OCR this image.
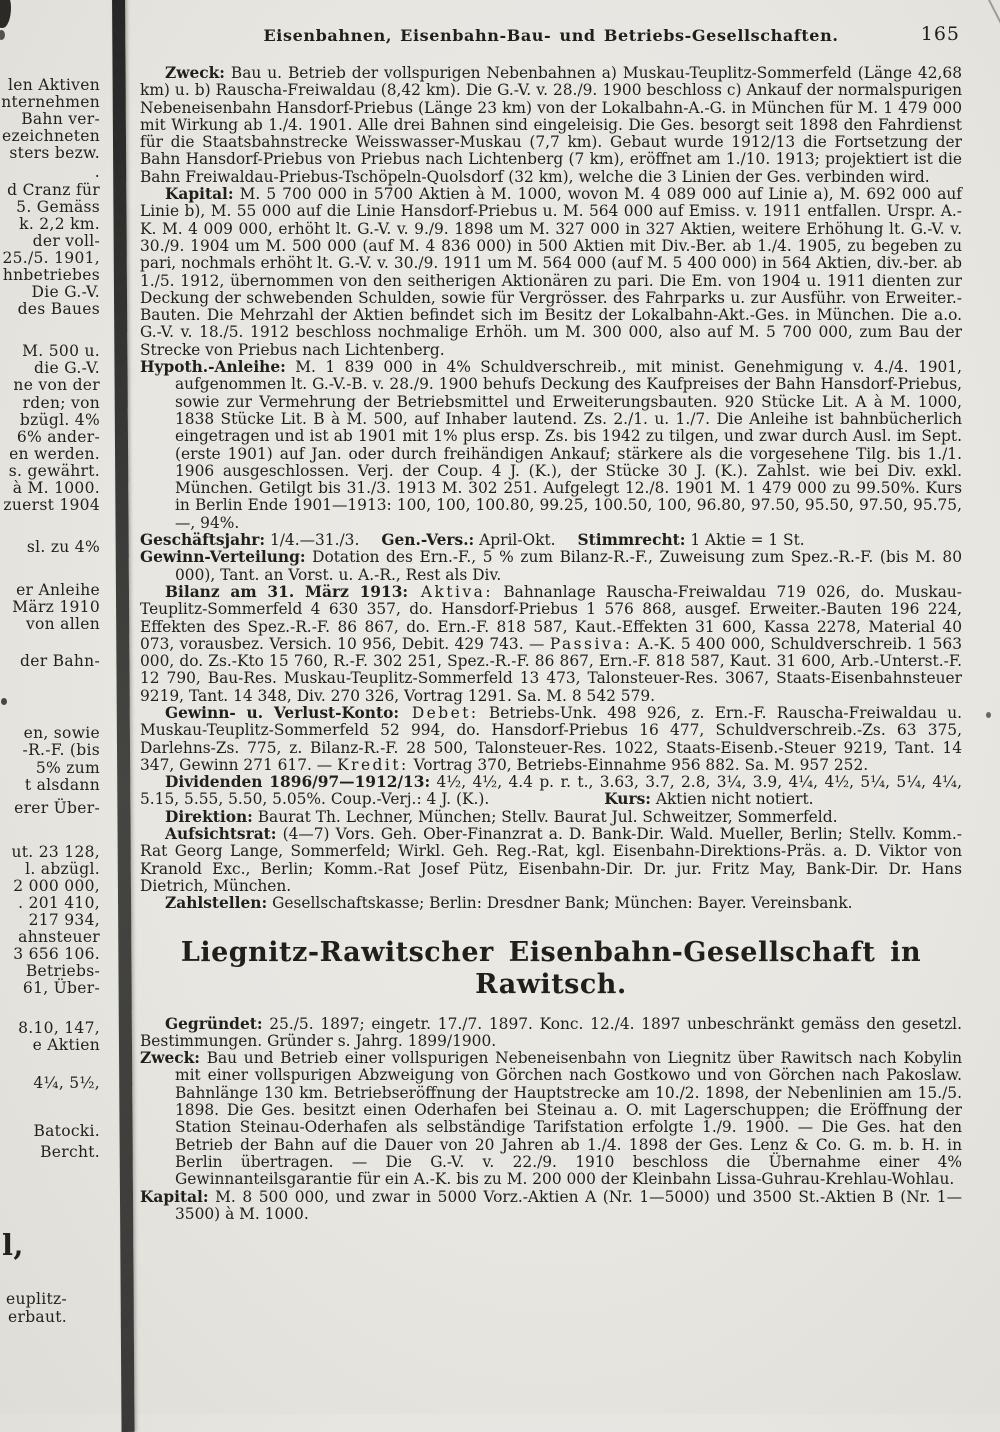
len Aktiven
nternehmen
Bahn ver-
ezeichneten
sters bezw.
.
d Cranz für
5. Gemäss
k. 2,2 km.
der voll-
25./5. 1901,
hnbetriebes
Die G.-V.
des Baues
M. 500 u.
die G.-V.
ne von der
rden; von
bzügl. 4%
6% ander-
en werden.
s. gewährt.
à M. 1000.
zuerst 1904
sl. zu 4%
er Anleihe
März 1910
von allen
der Bahn-
en, sowie
-R.-F. (bis
5% zum
t alsdann
erer Über-
ut. 23 128,
l. abzügl.
2 000 000,
. 201 410,
217 934,
ahnsteuer
3 656 106.
Betriebs-
61, Über-
8.10, 147,
e Aktien
4¼, 5½,
Batocki.
Bercht.
l,
euplitz-
erbaut.
Eisenbahnen, Eisenbahn-Bau- und Betriebs-Gesellschaften.	165

Zweck: Bau u. Betrieb der vollspurigen Nebenbahnen a) Muskau-Teuplitz-Sommerfeld (Länge 42,68 km) u. b) Rauscha-Freiwaldau (8,42 km). Die G.-V. v. 28./9. 1900 beschloss c) Ankauf der normalspurigen Nebeneisenbahn Hansdorf-Priebus (Länge 23 km) von der Lokalbahn-A.-G. in München für M. 1 479 000 mit Wirkung ab 1./4. 1901. Alle drei Bahnen sind eingeleisig. Die Ges. besorgt seit 1898 den Fahrdienst für die Staatsbahnstrecke Weisswasser-Muskau (7,7 km). Gebaut wurde 1912/13 die Fortsetzung der Bahn Hansdorf-Priebus von Priebus nach Lichtenberg (7 km), eröffnet am 1./10. 1913; projektiert ist die Bahn Freiwaldau-Priebus-Tschöpeln-Quolsdorf (32 km), welche die 3 Linien der Ges. verbinden wird.

Kapital: M. 5 700 000 in 5700 Aktien à M. 1000, wovon M. 4 089 000 auf Linie a), M. 692 000 auf Linie b), M. 55 000 auf die Linie Hansdorf-Priebus u. M. 564 000 auf Emiss. v. 1911 entfallen. Urspr. A.-K. M. 4 009 000, erhöht lt. G.-V. v. 9./9. 1898 um M. 327 000 in 327 Aktien, weitere Erhöhung lt. G.-V. v. 30./9. 1904 um M. 500 000 (auf M. 4 836 000) in 500 Aktien mit Div.-Ber. ab 1./4. 1905, zu begeben zu pari, nochmals erhöht lt. G.-V. v. 30./9. 1911 um M. 564 000 (auf M. 5 400 000) in 564 Aktien, div.-ber. ab 1./5. 1912, übernommen von den seitherigen Aktionären zu pari. Die Em. von 1904 u. 1911 dienten zur Deckung der schwebenden Schulden, sowie für Vergrösser. des Fahrparks u. zur Ausführ. von Erweiter.-Bauten. Die Mehrzahl der Aktien befindet sich im Besitz der Lokalbahn-Akt.-Ges. in München. Die a.o. G.-V. v. 18./5. 1912 beschloss nochmalige Erhöh. um M. 300 000, also auf M. 5 700 000, zum Bau der Strecke von Priebus nach Lichtenberg.

Hypoth.-Anleihe: M. 1 839 000 in 4% Schuldverschreib., mit minist. Genehmigung v. 4./4. 1901, aufgenommen lt. G.-V.-B. v. 28./9. 1900 behufs Deckung des Kaufpreises der Bahn Hansdorf-Priebus, sowie zur Vermehrung der Betriebsmittel und Erweiterungsbauten. 920 Stücke Lit. A à M. 1000, 1838 Stücke Lit. B à M. 500, auf Inhaber lautend. Zs. 2./1. u. 1./7. Die Anleihe ist bahnbücherlich eingetragen und ist ab 1901 mit 1% plus ersp. Zs. bis 1942 zu tilgen, und zwar durch Ausl. im Sept. (erste 1901) auf Jan. oder durch freihändigen Ankauf; stärkere als die vorgesehene Tilg. bis 1./1. 1906 ausgeschlossen. Verj. der Coup. 4 J. (K.), der Stücke 30 J. (K.). Zahlst. wie bei Div. exkl. München. Getilgt bis 31./3. 1913 M. 302 251. Aufgelegt 12./8. 1901 M. 1 479 000 zu 99.50%. Kurs in Berlin Ende 1901—1913: 100, 100, 100.80, 99.25, 100.50, 100, 96.80, 97.50, 95.50, 97.50, 95.75, —, 94%.

Geschäftsjahr: 1/4.—31./3. Gen.-Vers.: April-Okt. Stimmrecht: 1 Aktie = 1 St.

Gewinn-Verteilung: Dotation des Ern.-F., 5 % zum Bilanz-R.-F., Zuweisung zum Spez.-R.-F. (bis M. 80 000), Tant. an Vorst. u. A.-R., Rest als Div.

Bilanz am 31. März 1913: Aktiva: Bahnanlage Rauscha-Freiwaldau 719 026, do. Muskau-Teuplitz-Sommerfeld 4 630 357, do. Hansdorf-Priebus 1 576 868, ausgef. Erweiter.-Bauten 196 224, Effekten des Spez.-R.-F. 86 867, do. Ern.-F. 818 587, Kaut.-Effekten 31 600, Kassa 2278, Material 40 073, vorausbez. Versich. 10 956, Debit. 429 743. — Passiva: A.-K. 5 400 000, Schuldverschreib. 1 563 000, do. Zs.-Kto 15 760, R.-F. 302 251, Spez.-R.-F. 86 867, Ern.-F. 818 587, Kaut. 31 600, Arb.-Unterst.-F. 12 790, Bau-Res. Muskau-Teuplitz-Sommerfeld 13 473, Talonsteuer-Res. 3067, Staats-Eisenbahnsteuer 9219, Tant. 14 348, Div. 270 326, Vortrag 1291. Sa. M. 8 542 579.

Gewinn- u. Verlust-Konto: Debet: Betriebs-Unk. 498 926, z. Ern.-F. Rauscha-Freiwaldau u. Muskau-Teuplitz-Sommerfeld 52 994, do. Hansdorf-Priebus 16 477, Schuldverschreib.-Zs. 63 375, Darlehns-Zs. 775, z. Bilanz-R.-F. 28 500, Talonsteuer-Res. 1022, Staats-Eisenb.-Steuer 9219, Tant. 14 347, Gewinn 271 617. — Kredit: Vortrag 370, Betriebs-Einnahme 956 882. Sa. M. 957 252.

Dividenden 1896/97—1912/13: 4½, 4½, 4.4 p. r. t., 3.63, 3.7, 2.8, 3¼, 3.9, 4¼, 4½, 5¼, 5¼, 4¼, 5.15, 5.55, 5.50, 5.05%. Coup.-Verj.: 4 J. (K.).	Kurs: Aktien nicht notiert.

Direktion: Baurat Th. Lechner, München; Stellv. Baurat Jul. Schweitzer, Sommerfeld.

Aufsichtsrat: (4—7) Vors. Geh. Ober-Finanzrat a. D. Bank-Dir. Wald. Mueller, Berlin; Stellv. Komm.-Rat Georg Lange, Sommerfeld; Wirkl. Geh. Reg.-Rat, kgl. Eisenbahn-Direktions-Präs. a. D. Viktor von Kranold Exc., Berlin; Komm.-Rat Josef Pütz, Eisenbahn-Dir. Dr. jur. Fritz May, Bank-Dir. Dr. Hans Dietrich, München.

Zahlstellen: Gesellschaftskasse; Berlin: Dresdner Bank; München: Bayer. Vereinsbank.

Liegnitz-Rawitscher Eisenbahn-Gesellschaft in Rawitsch.

Gegründet: 25./5. 1897; eingetr. 17./7. 1897. Konc. 12./4. 1897 unbeschränkt gemäss den gesetzl. Bestimmungen. Gründer s. Jahrg. 1899/1900.

Zweck: Bau und Betrieb einer vollspurigen Nebeneisenbahn von Liegnitz über Rawitsch nach Kobylin mit einer vollspurigen Abzweigung von Görchen nach Gostkowo und von Görchen nach Pakoslaw. Bahnlänge 130 km. Betriebseröffnung der Hauptstrecke am 10./2. 1898, der Nebenlinien am 15./5. 1898. Die Ges. besitzt einen Oderhafen bei Steinau a. O. mit Lagerschuppen; die Eröffnung der Station Steinau-Oderhafen als selbständige Tarifstation erfolgte 1./9. 1900. — Die Ges. hat den Betrieb der Bahn auf die Dauer von 20 Jahren ab 1./4. 1898 der Ges. Lenz & Co. G. m. b. H. in Berlin übertragen. — Die G.-V. v. 22./9. 1910 beschloss die Übernahme einer 4% Gewinnanteilsgarantie für ein A.-K. bis zu M. 200 000 der Kleinbahn Lissa-Guhrau-Krehlau-Wohlau.

Kapital: M. 8 500 000, und zwar in 5000 Vorz.-Aktien A (Nr. 1—5000) und 3500 St.-Aktien B (Nr. 1—3500) à M. 1000.
